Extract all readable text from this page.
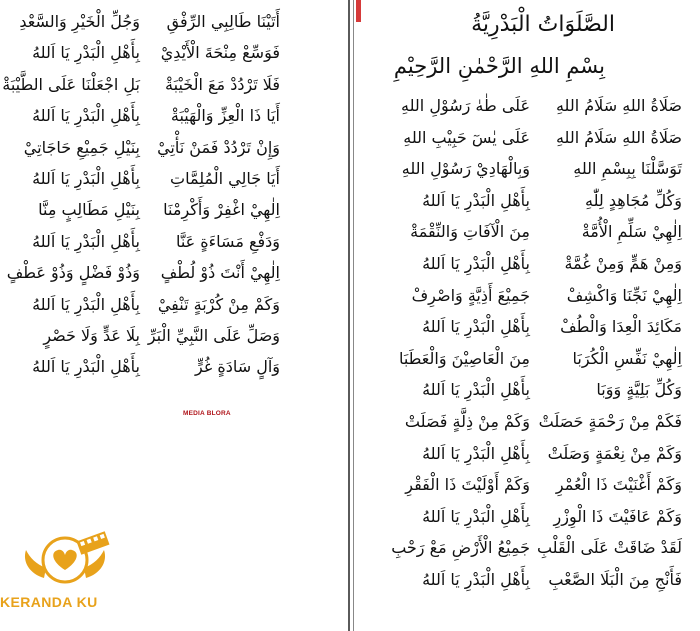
الصَّلَوَاتُ الْبَدْرِيَّةُ
بِسْمِ اللهِ الرَّحْمٰنِ الرَّحِيْمِ
صَلَاةُ اللهِ سَلَامُ اللهِ
عَلَى طٰهٰ رَسُوْلِ اللهِ
صَلَاةُ اللهِ سَلَامُ اللهِ
عَلَى يٰسٓ حَبِيْبِ اللهِ
تَوَسَّلْنَا بِبِسْمِ اللهِ
وَبِالْهَادِيْ رَسُوْلِ اللهِ
وَكُلِّ مُجَاهِدٍ لِلّٰهِ
بِأَهْلِ الْبَدْرِ يَا اَللهُ
اِلٰهِيْ سَلِّمِ الْأُمَّةْ
مِنَ الْآفَاتِ وَالنِّقْمَةْ
وَمِنْ هَمٍّ وَمِنْ غُمَّةْ
بِأَهْلِ الْبَدْرِ يَا اَللهُ
اِلٰهِيْ نَجِّنَا وَاكْشِفْ
جَمِيْعَ أَذِيَّةٍ وَاصْرِفْ
مَكَائِدَ الْعِدَا وَالْطُفْ
بِأَهْلِ الْبَدْرِ يَا اَللهُ
اِلٰهِيْ نَفِّسِ الْكُرَبَا
مِنَ الْعَاصِيْنَ وَالْعَطَبَا
وَكُلِّ بَلِيَّةٍ وَوَبَا
بِأَهْلِ الْبَدْرِ يَا اَللهُ
فَكَمْ مِنْ رَحْمَةٍ حَصَلَتْ
وَكَمْ مِنْ ذِلَّةٍ فَصَلَتْ
وَكَمْ مِنْ نِعْمَةٍ وَصَلَتْ
بِأَهْلِ الْبَدْرِ يَا اَللهُ
وَكَمْ أَغْنَيْتَ ذَا الْعُمْرِ
وَكَمْ أَوْلَيْتَ ذَا الْفَقْرِ
وَكَمْ عَافَيْتَ ذَا الْوِزْرِ
بِأَهْلِ الْبَدْرِ يَا اَللهُ
لَقَدْ ضَاقَتْ عَلَى الْقَلْبِ
جَمِيْعُ الْأَرْضِ مَعْ رَحْبِ
فَأَنْجِ مِنَ الْبَلَا الصَّعْبِ
بِأَهْلِ الْبَدْرِ يَا اَللهُ
أَتَيْنَا طَالِبِي الرِّفْقِ
وَجُلِّ الْخَيْرِ وَالسَّعْدِ
فَوَسِّعْ مِنْحَةَ الْأَيْدِيْ
بِأَهْلِ الْبَدْرِ يَا اَللهُ
فَلَا تَرْدُدْ مَعَ الْخَيْبَةْ
بَلِ اجْعَلْنَا عَلَى الطَّيْبَةْ
أَيَا ذَا الْعِزِّ وَالْهَيْبَةْ
بِأَهْلِ الْبَدْرِ يَا اَللهُ
وَإِنْ تَرْدُدْ فَمَنْ نَأْتِيْ
بِنَيْلِ جَمِيْعِ حَاجَاتِيْ
أَيَا جَالِي الْمُلِمَّاتِ
بِأَهْلِ الْبَدْرِ يَا اَللهُ
اِلٰهِيْ اغْفِرْ وَأَكْرِمْنَا
بِنَيْلِ مَطَالِبٍ مِنَّا
وَدَفْعِ مَسَاءَةٍ عَنَّا
بِأَهْلِ الْبَدْرِ يَا اَللهُ
اِلٰهِيْ أَنْتَ ذُوْ لُطْفٍ
وَذُوْ فَضْلٍ وَذُوْ عَطْفٍ
وَكَمْ مِنْ كُرْبَةٍ تَنْفِيْ
بِأَهْلِ الْبَدْرِ يَا اَللهُ
وَصَلِّ عَلَى النَّبِيِّ الْبَرِّ
بِلَا عَدٍّ وَلَا حَصْرٍ
وَآلٍ سَادَةٍ غُرٍّ
بِأَهْلِ الْبَدْرِ يَا اَللهُ
MEDIA BLORA
KERANDA KU
